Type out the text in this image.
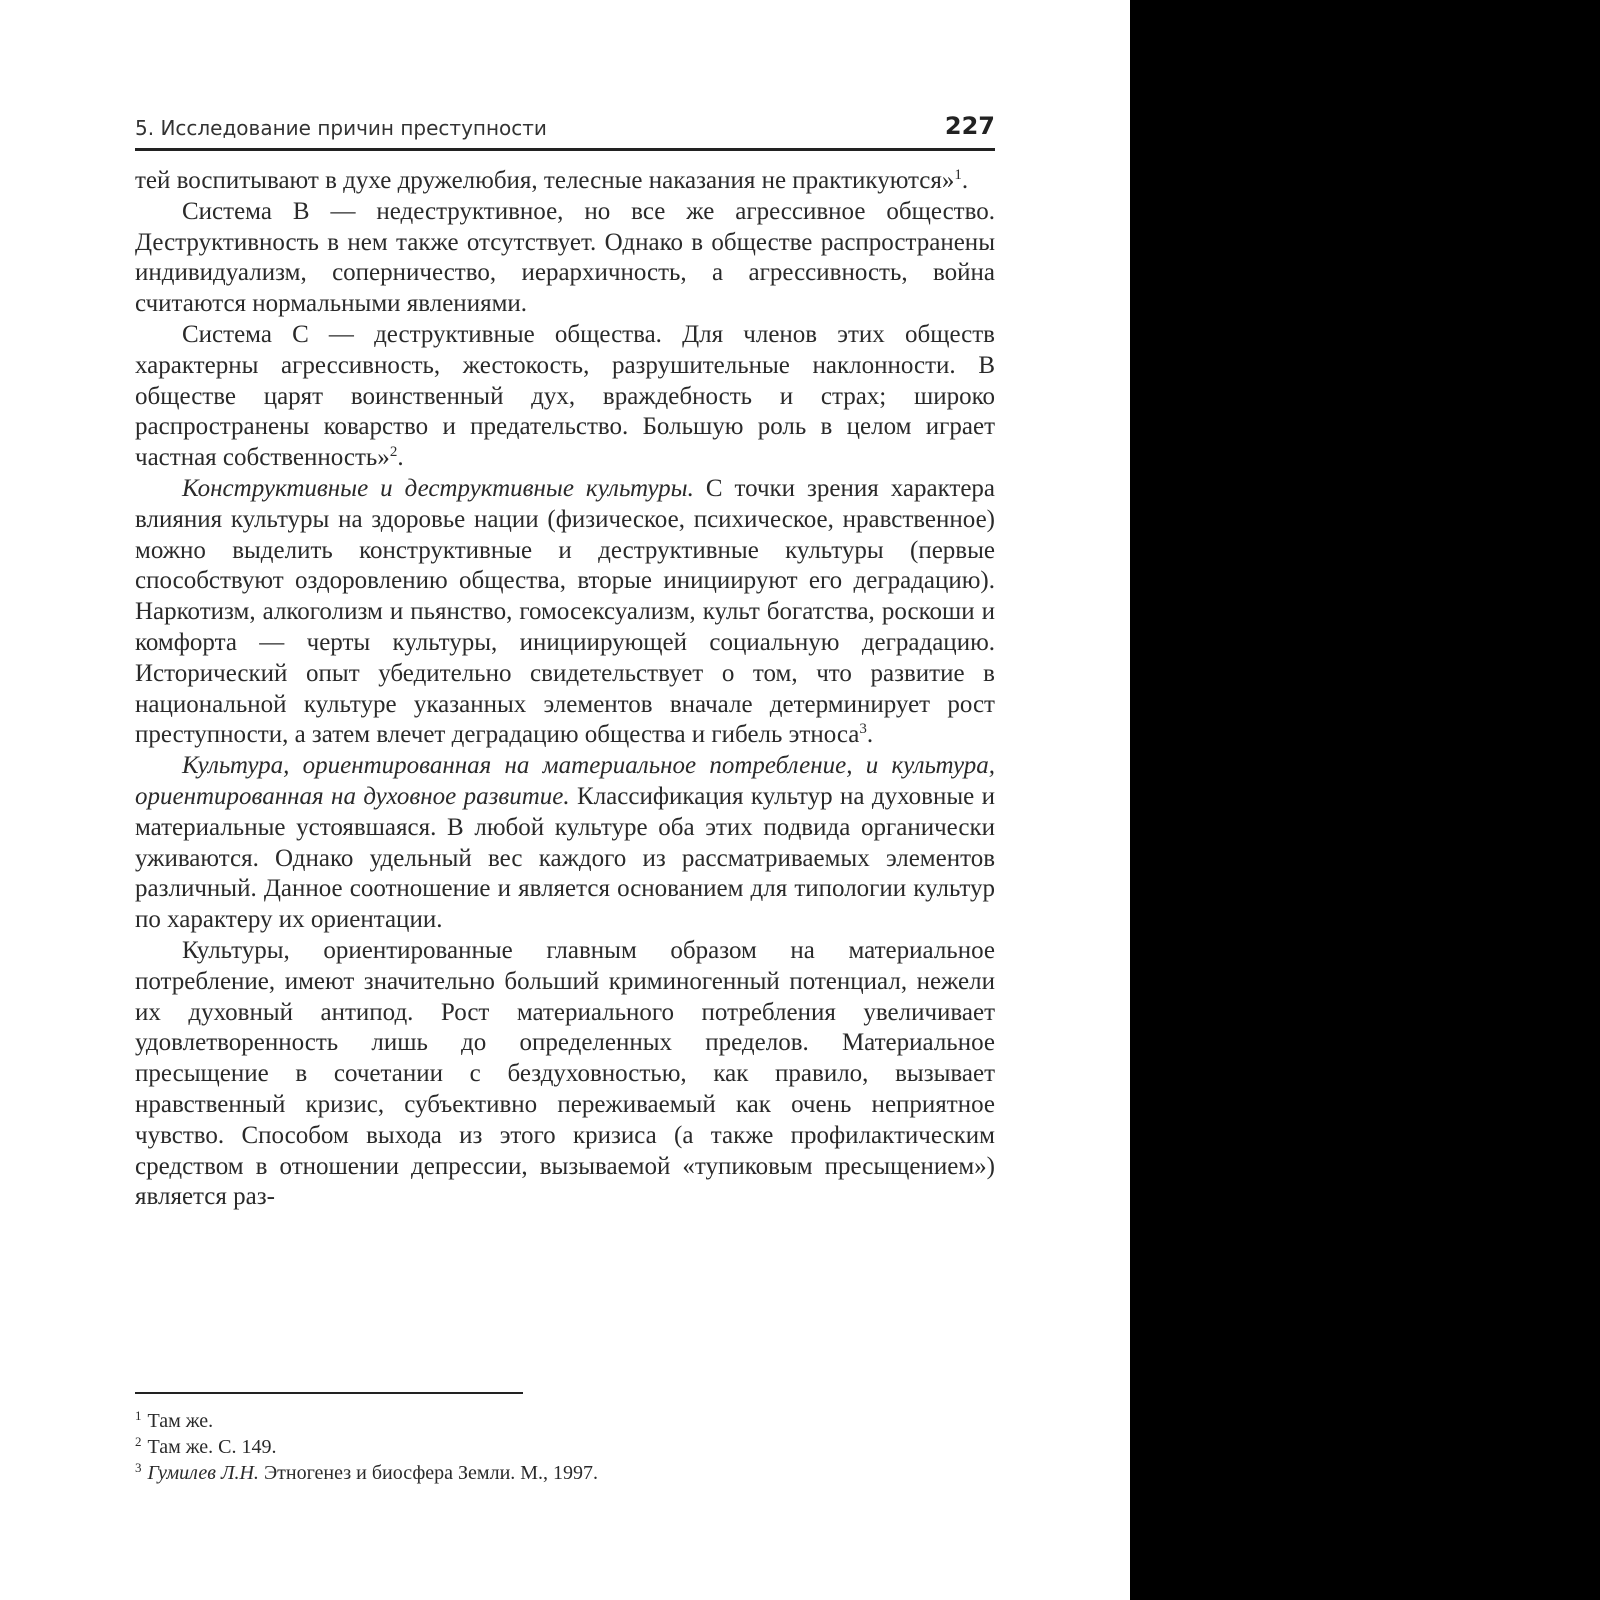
5. Исследование причин преступности	227

тей воспитывают в духе дружелюбия, телесные наказания не практикуются»$^1$.

Система B — недеструктивное, но все же агрессивное общество. Деструктивность в нем также отсутствует. Однако в обществе распространены индивидуализм, соперничество, иерархичность, а агрессивность, война считаются нормальными явлениями.

Система C — деструктивные общества. Для членов этих обществ характерны агрессивность, жестокость, разрушительные наклонности. В обществе царят воинственный дух, враждебность и страх; широко распространены коварство и предательство. Большую роль в целом играет частная собственность»$^2$.

Конструктивные и деструктивные культуры. С точки зрения характера влияния культуры на здоровье нации (физическое, психическое, нравственное) можно выделить конструктивные и деструктивные культуры (первые способствуют оздоровлению общества, вторые инициируют его деградацию). Наркотизм, алкоголизм и пьянство, гомосексуализм, культ богатства, роскоши и комфорта — черты культуры, инициирующей социальную деградацию. Исторический опыт убедительно свидетельствует о том, что развитие в национальной культуре указанных элементов вначале детерминирует рост преступности, а затем влечет деградацию общества и гибель этноса$^3$.

Культура, ориентированная на материальное потребление, и культура, ориентированная на духовное развитие. Классификация культур на духовные и материальные устоявшаяся. В любой культуре оба этих подвида органически уживаются. Однако удельный вес каждого из рассматриваемых элементов различный. Данное соотношение и является основанием для типологии культур по характеру их ориентации.

Культуры, ориентированные главным образом на материальное потребление, имеют значительно больший криминогенный потенциал, нежели их духовный антипод. Рост материального потребления увеличивает удовлетворенность лишь до определенных пределов. Материальное пресыщение в сочетании с бездуховностью, как правило, вызывает нравственный кризис, субъективно переживаемый как очень неприятное чувство. Способом выхода из этого кризиса (а также профилактическим средством в отношении депрессии, вызываемой «тупиковым пресыщением») является раз-

$^1$ Там же.
$^2$ Там же. С. 149.
$^3$ Гумилев Л.Н. Этногенез и биосфера Земли. М., 1997.
